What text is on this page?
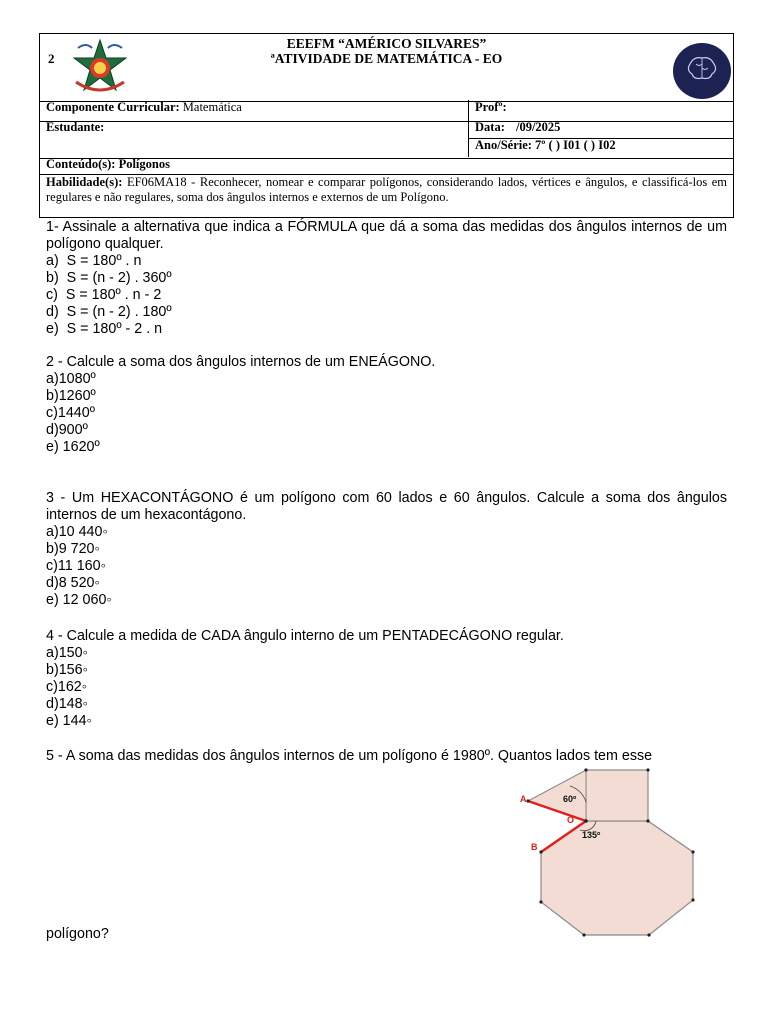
2
EEEFM “AMÉRICO SILVARES”
ªATIVIDADE DE MATEMÁTICA - EO
Componente Curricular: Matemática	Profº:
Estudante:	Data: /09/2025
Ano/Série: 7º ( ) I01 ( ) I02
Conteúdo(s): Polígonos
Habilidade(s): EF06MA18 - Reconhecer, nomear e comparar polígonos, considerando lados, vértices e ângulos, e classificá-los em regulares e não regulares, soma dos ângulos internos e externos de um Polígono.
1- Assinale a alternativa que indica a FÓRMULA que dá a soma das medidas dos ângulos internos de um polígono qualquer.
a)  S = 180º . n
b)  S = (n - 2) . 360º
c)  S = 180º . n - 2
d)  S = (n - 2) . 180º
e)  S = 180º - 2 . n
2 - Calcule a soma dos ângulos internos de um ENEÁGONO.
a)1080º
b)1260º
c)1440º
d)900º
e) 1620º
3 - Um HEXACONTÁGONO é um polígono com 60 lados e 60 ângulos. Calcule a soma dos ângulos internos de um hexacontágono.
a)10 440◦
b)9 720◦
c)11 160◦
d)8 520◦
e) 12 060◦
4 - Calcule a medida de CADA ângulo interno de um PENTADECÁGONO regular.
a)150◦
b)156◦
c)162◦
d)148◦
e) 144◦
5 - A soma das medidas dos ângulos internos de um polígono é 1980º. Quantos lados tem esse
polígono?
A
B
O
60º
135º
